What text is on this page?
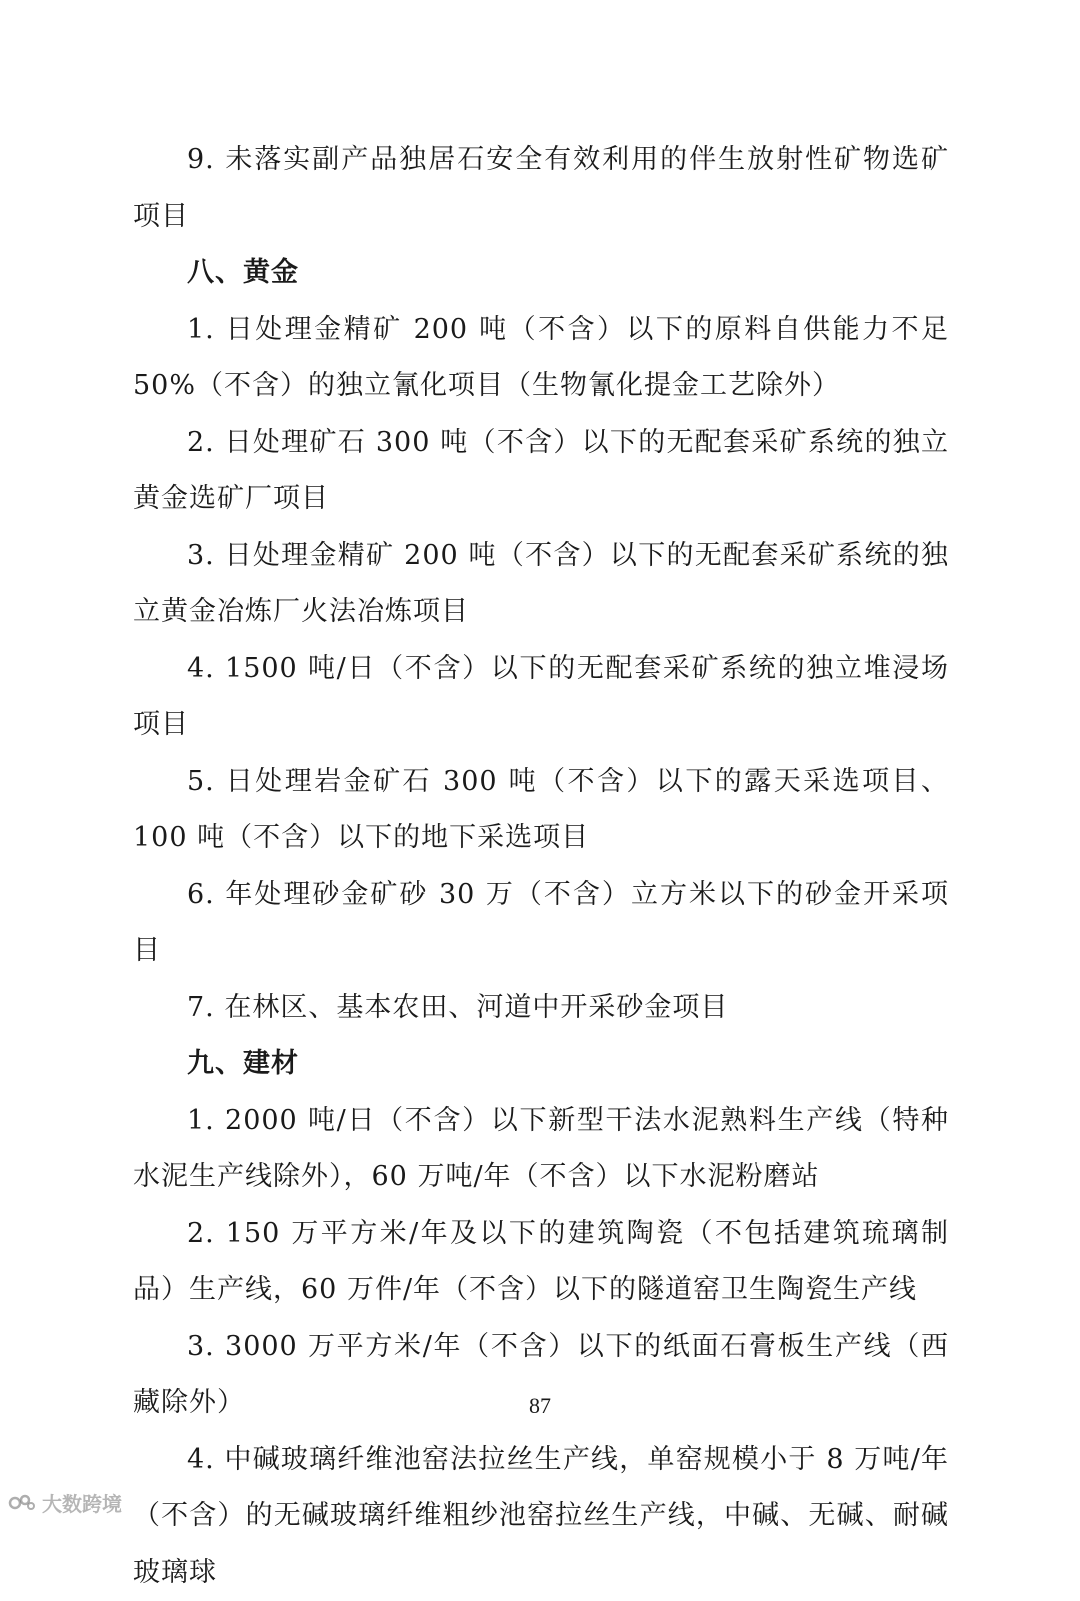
9. 未落实副产品独居石安全有效利用的伴生放射性矿物选矿项目

八、黄金

1. 日处理金精矿 200 吨（不含）以下的原料自供能力不足 50%（不含）的独立氰化项目（生物氰化提金工艺除外）

2. 日处理矿石 300 吨（不含）以下的无配套采矿系统的独立黄金选矿厂项目

3. 日处理金精矿 200 吨（不含）以下的无配套采矿系统的独立黄金冶炼厂火法冶炼项目

4. 1500 吨/日（不含）以下的无配套采矿系统的独立堆浸场项目

5. 日处理岩金矿石 300 吨（不含）以下的露天采选项目、100 吨（不含）以下的地下采选项目

6. 年处理砂金矿砂 30 万（不含）立方米以下的砂金开采项目

7. 在林区、基本农田、河道中开采砂金项目

九、建材

1. 2000 吨/日（不含）以下新型干法水泥熟料生产线（特种水泥生产线除外），60 万吨/年（不含）以下水泥粉磨站

2. 150 万平方米/年及以下的建筑陶瓷（不包括建筑琉璃制品）生产线，60 万件/年（不含）以下的隧道窑卫生陶瓷生产线

3. 3000 万平方米/年（不含）以下的纸面石膏板生产线（西藏除外）

4. 中碱玻璃纤维池窑法拉丝生产线，单窑规模小于 8 万吨/年（不含）的无碱玻璃纤维粗纱池窑拉丝生产线，中碱、无碱、耐碱玻璃球

87
大数跨境
